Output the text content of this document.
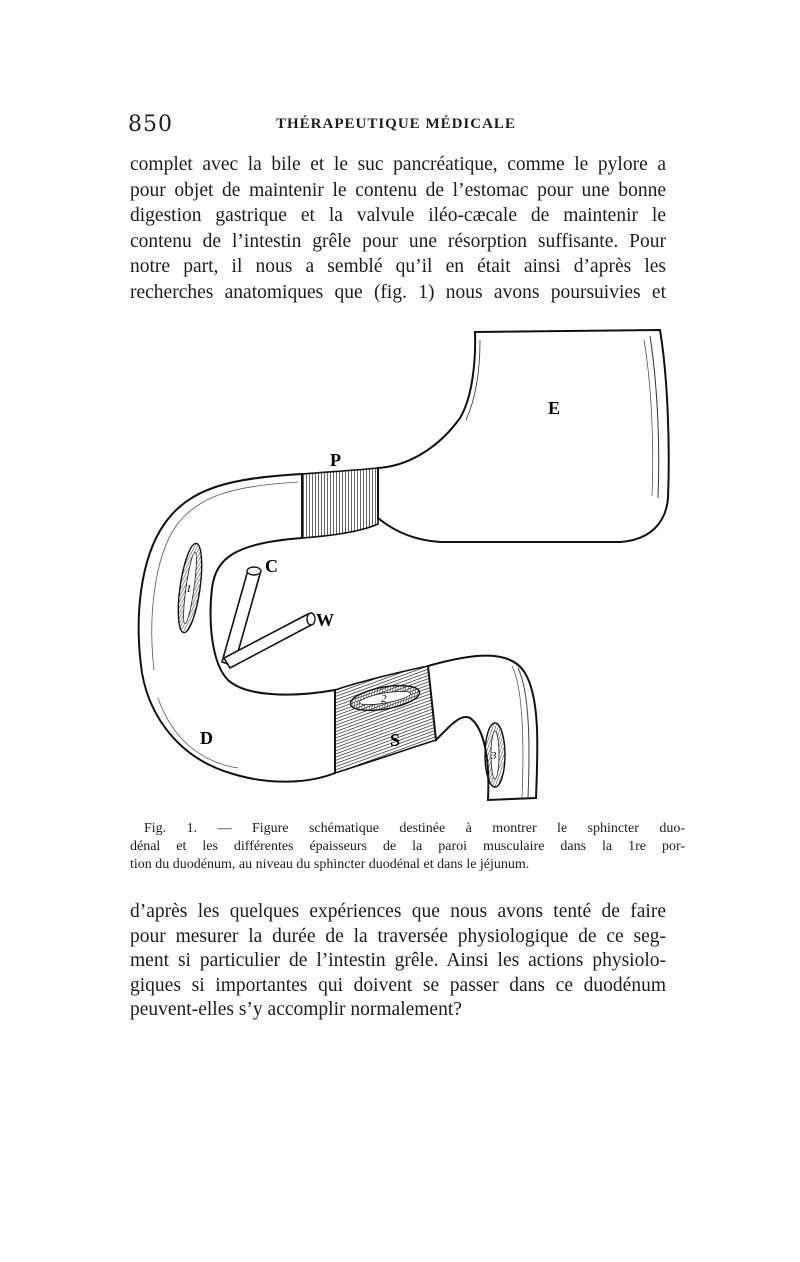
850	THÉRAPEUTIQUE MÉDICALE
complet avec la bile et le suc pancréatique, comme le pylore a
pour objet de maintenir le contenu de l’estomac pour une bonne
digestion gastrique et la valvule iléo-cæcale de maintenir le
contenu de l’intestin grêle pour une résorption suffisante. Pour
notre part, il nous a semblé qu’il en était ainsi d’après les
recherches anatomiques que (fig. 1) nous avons poursuivies et
E
P
C
W
D	S
1
2
3
Fig. 1. — Figure schématique destinée à montrer le sphincter duo-
dénal et les différentes épaisseurs de la paroi musculaire dans la 1re por-
tion du duodénum, au niveau du sphincter duodénal et dans le jéjunum.
d’après les quelques expériences que nous avons tenté de faire
pour mesurer la durée de la traversée physiologique de ce seg-
ment si particulier de l’intestin grêle. Ainsi les actions physiolo-
giques si importantes qui doivent se passer dans ce duodénum
peuvent-elles s’y accomplir normalement?
